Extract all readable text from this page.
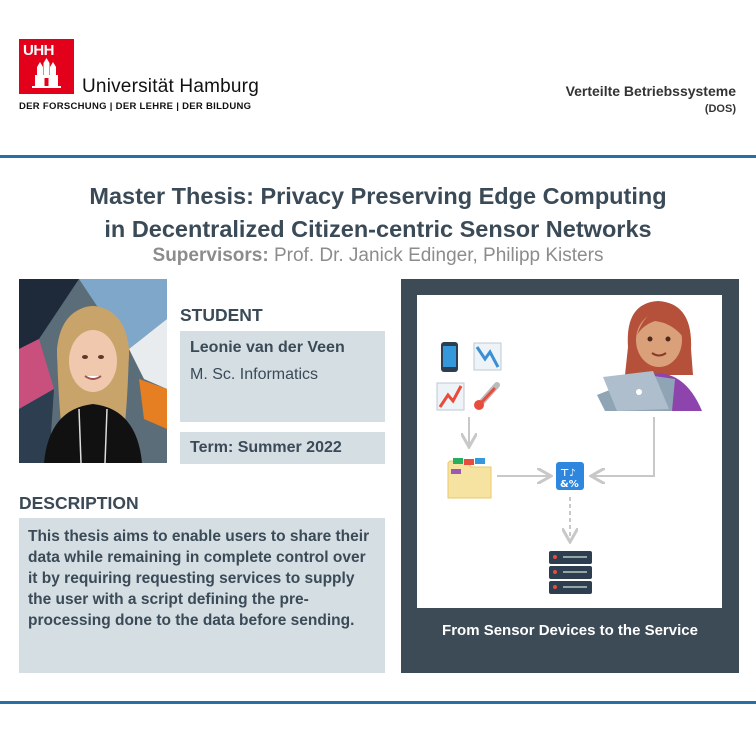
UHH
Universität Hamburg
DER FORSCHUNG | DER LEHRE | DER BILDUNG
Verteilte Betriebssysteme
(DOS)
Master Thesis: Privacy Preserving Edge Computing
in Decentralized Citizen-centric Sensor Networks
Supervisors: Prof. Dr. Janick Edinger, Philipp Kisters
STUDENT
Leonie van der Veen
M. Sc. Informatics
Term: Summer 2022
DESCRIPTION
This thesis aims to enable users to share their data while remaining in complete control over it by requiring requesting services to supply the user with a script defining the pre-processing done to the data before sending.
⊤♪
&%
From Sensor Devices to the Service
